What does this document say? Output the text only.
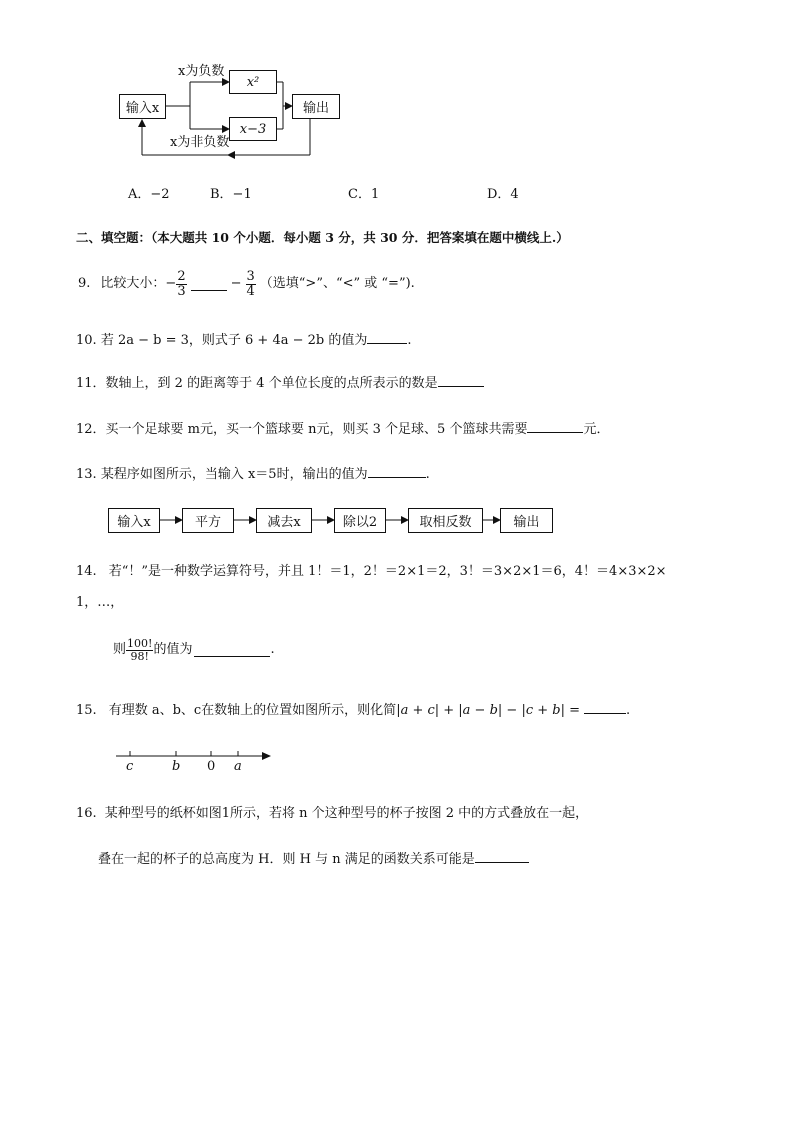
输入x
x²
x−3
输出
x为负数
x为非负数
A．−2	B．−1	C．1	D．4
二、填空题：（本大题共 10 个小题．每小题 3 分，共 30 分．把答案填在题中横线上.）
9. 比较大小：− $\frac{2}{3}$	− $\frac{3}{4}$ （选填“>”、“<” 或 “=”).
10. 若 2a − b = 3，则式子 6 + 4a − 2b 的值为	.
11．数轴上，到 2 的距离等于 4 个单位长度的点所表示的数是
12．买一个足球要 m元，买一个篮球要 n元，则买 3 个足球、5 个篮球共需要	元．
13. 某程序如图所示，当输入 x＝5时，输出的值为	.
输入x	平方	减去x	除以2	取相反数	输出
14. 若“！”是一种数学运算符号，并且 1！＝1，2！＝2×1＝2，3！＝3×2×1＝6，4！＝4×3×2×
1，…，
则 $\frac{100!}{98!}$ 的值为	.
15. 有理数 a、b、c在数轴上的位置如图所示，则化简|a + c| + |a − b| − |c + b| =	.
c	b 0 a
16. 某种型号的纸杯如图1所示，若将 n 个这种型号的杯子按图 2 中的方式叠放在一起，
叠在一起的杯子的总高度为 H．则 H 与 n 满足的函数关系可能是
